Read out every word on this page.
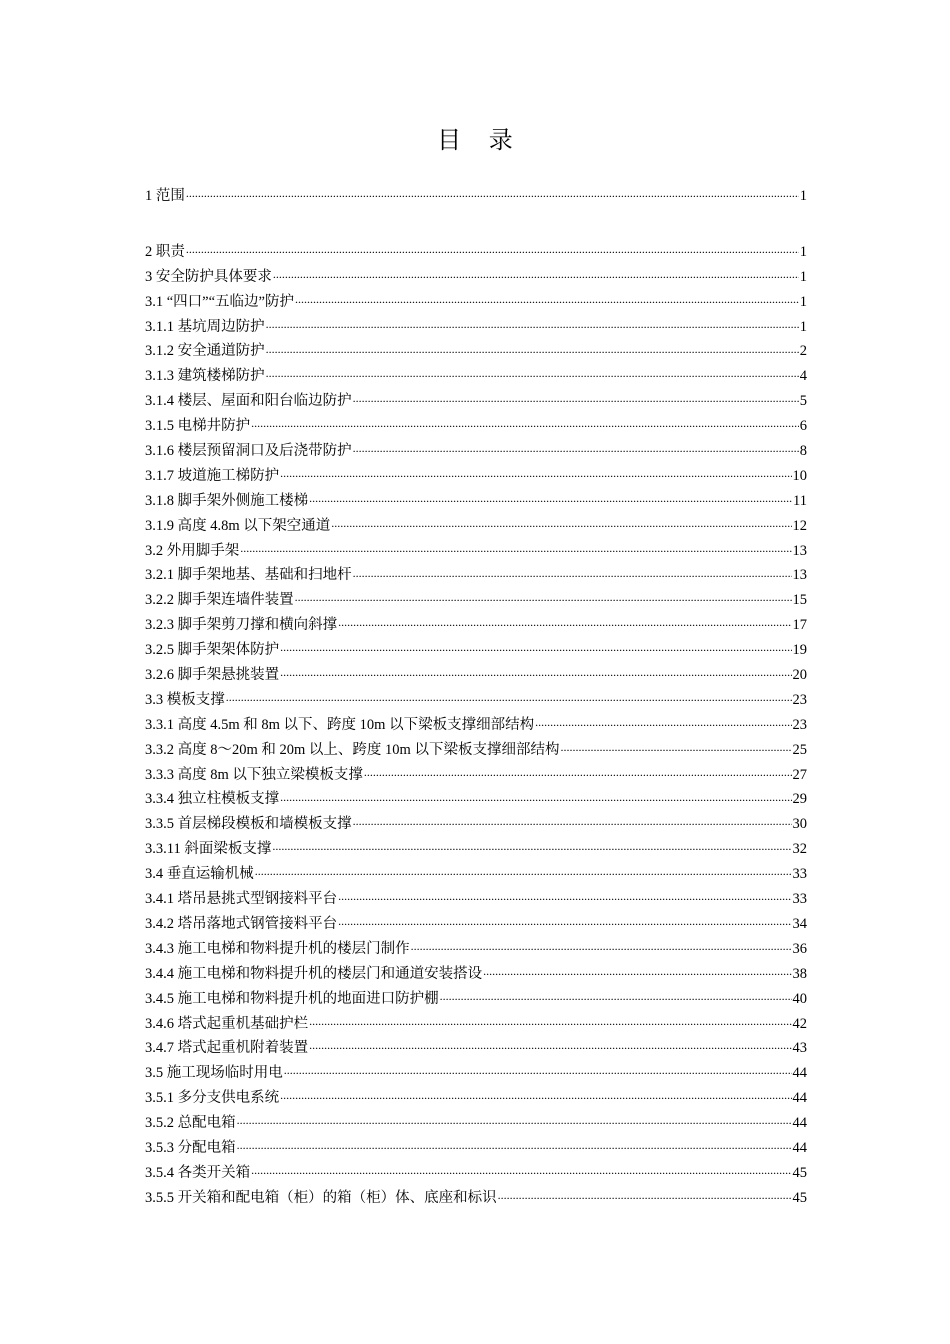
目 录
1 范围 .....	1
2 职责 .....	1
3 安全防护具体要求 .....	1
3.1 “四口”“五临边”防护 .....	1
3.1.1 基坑周边防护 .....	1
3.1.2 安全通道防护 .....	2
3.1.3 建筑楼梯防护 .....	4
3.1.4 楼层、屋面和阳台临边防护 .....	5
3.1.5 电梯井防护 .....	6
3.1.6 楼层预留洞口及后浇带防护 .....	8
3.1.7 坡道施工梯防护 .....	10
3.1.8 脚手架外侧施工楼梯 .....	11
3.1.9 高度 4.8m 以下架空通道 .....	12
3.2 外用脚手架 .....	13
3.2.1 脚手架地基、基础和扫地杆 .....	13
3.2.2 脚手架连墙件装置 .....	15
3.2.3 脚手架剪刀撑和横向斜撑 .....	17
3.2.5 脚手架架体防护 .....	19
3.2.6 脚手架悬挑装置 .....	20
3.3 模板支撑 .....	23
3.3.1 高度 4.5m 和 8m 以下、跨度 10m 以下梁板支撑细部结构 .....	23
3.3.2 高度 8～20m 和 20m 以上、跨度 10m 以下梁板支撑细部结构 .....	25
3.3.3 高度 8m 以下独立梁模板支撑 .....	27
3.3.4 独立柱模板支撑 .....	29
3.3.5 首层梯段模板和墙模板支撑 .....	30
3.3.11 斜面梁板支撑 .....	32
3.4 垂直运输机械 .....	33
3.4.1 塔吊悬挑式型钢接料平台 .....	33
3.4.2 塔吊落地式钢管接料平台 .....	34
3.4.3 施工电梯和物料提升机的楼层门制作 .....	36
3.4.4 施工电梯和物料提升机的楼层门和通道安装搭设 .....	38
3.4.5 施工电梯和物料提升机的地面进口防护棚 .....	40
3.4.6 塔式起重机基础护栏 .....	42
3.4.7 塔式起重机附着装置 .....	43
3.5 施工现场临时用电 .....	44
3.5.1 多分支供电系统 .....	44
3.5.2 总配电箱 .....	44
3.5.3 分配电箱 .....	44
3.5.4 各类开关箱 .....	45
3.5.5 开关箱和配电箱（柜）的箱（柜）体、底座和标识 .....	45
